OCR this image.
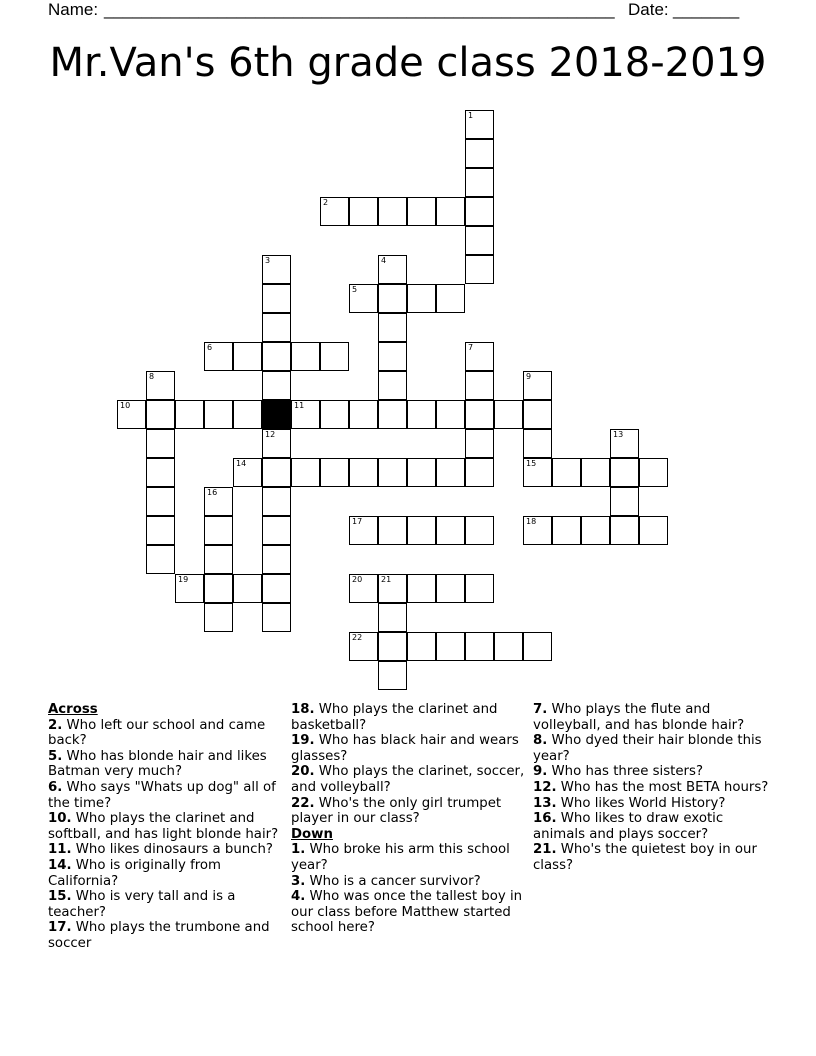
Name: ______________________________________________________ Date: _______
Mr.Van's 6th grade class 2018-2019
1
2
3
12
4
5
6	7
8	9
15
10	11
13
14
16
17	18
19	20 21
22
Across
2. Who left our school and came back?
5. Who has blonde hair and likes Batman very much?
6. Who says "Whats up dog" all of the time?
10. Who plays the clarinet and softball, and has light blonde hair?
11. Who likes dinosaurs a bunch?
14. Who is originally from California?
15. Who is very tall and is a teacher?
17. Who plays the trumbone and soccer
18. Who plays the clarinet and basketball?
19. Who has black hair and wears glasses?
20. Who plays the clarinet, soccer, and volleyball?
22. Who's the only girl trumpet player in our class?
Down
1. Who broke his arm this school year?
3. Who is a cancer survivor?
4. Who was once the tallest boy in our class before Matthew started school here?
7. Who plays the flute and volleyball, and has blonde hair?
8. Who dyed their hair blonde this year?
9. Who has three sisters?
12. Who has the most BETA hours?
13. Who likes World History?
16. Who likes to draw exotic animals and plays soccer?
21. Who's the quietest boy in our class?
